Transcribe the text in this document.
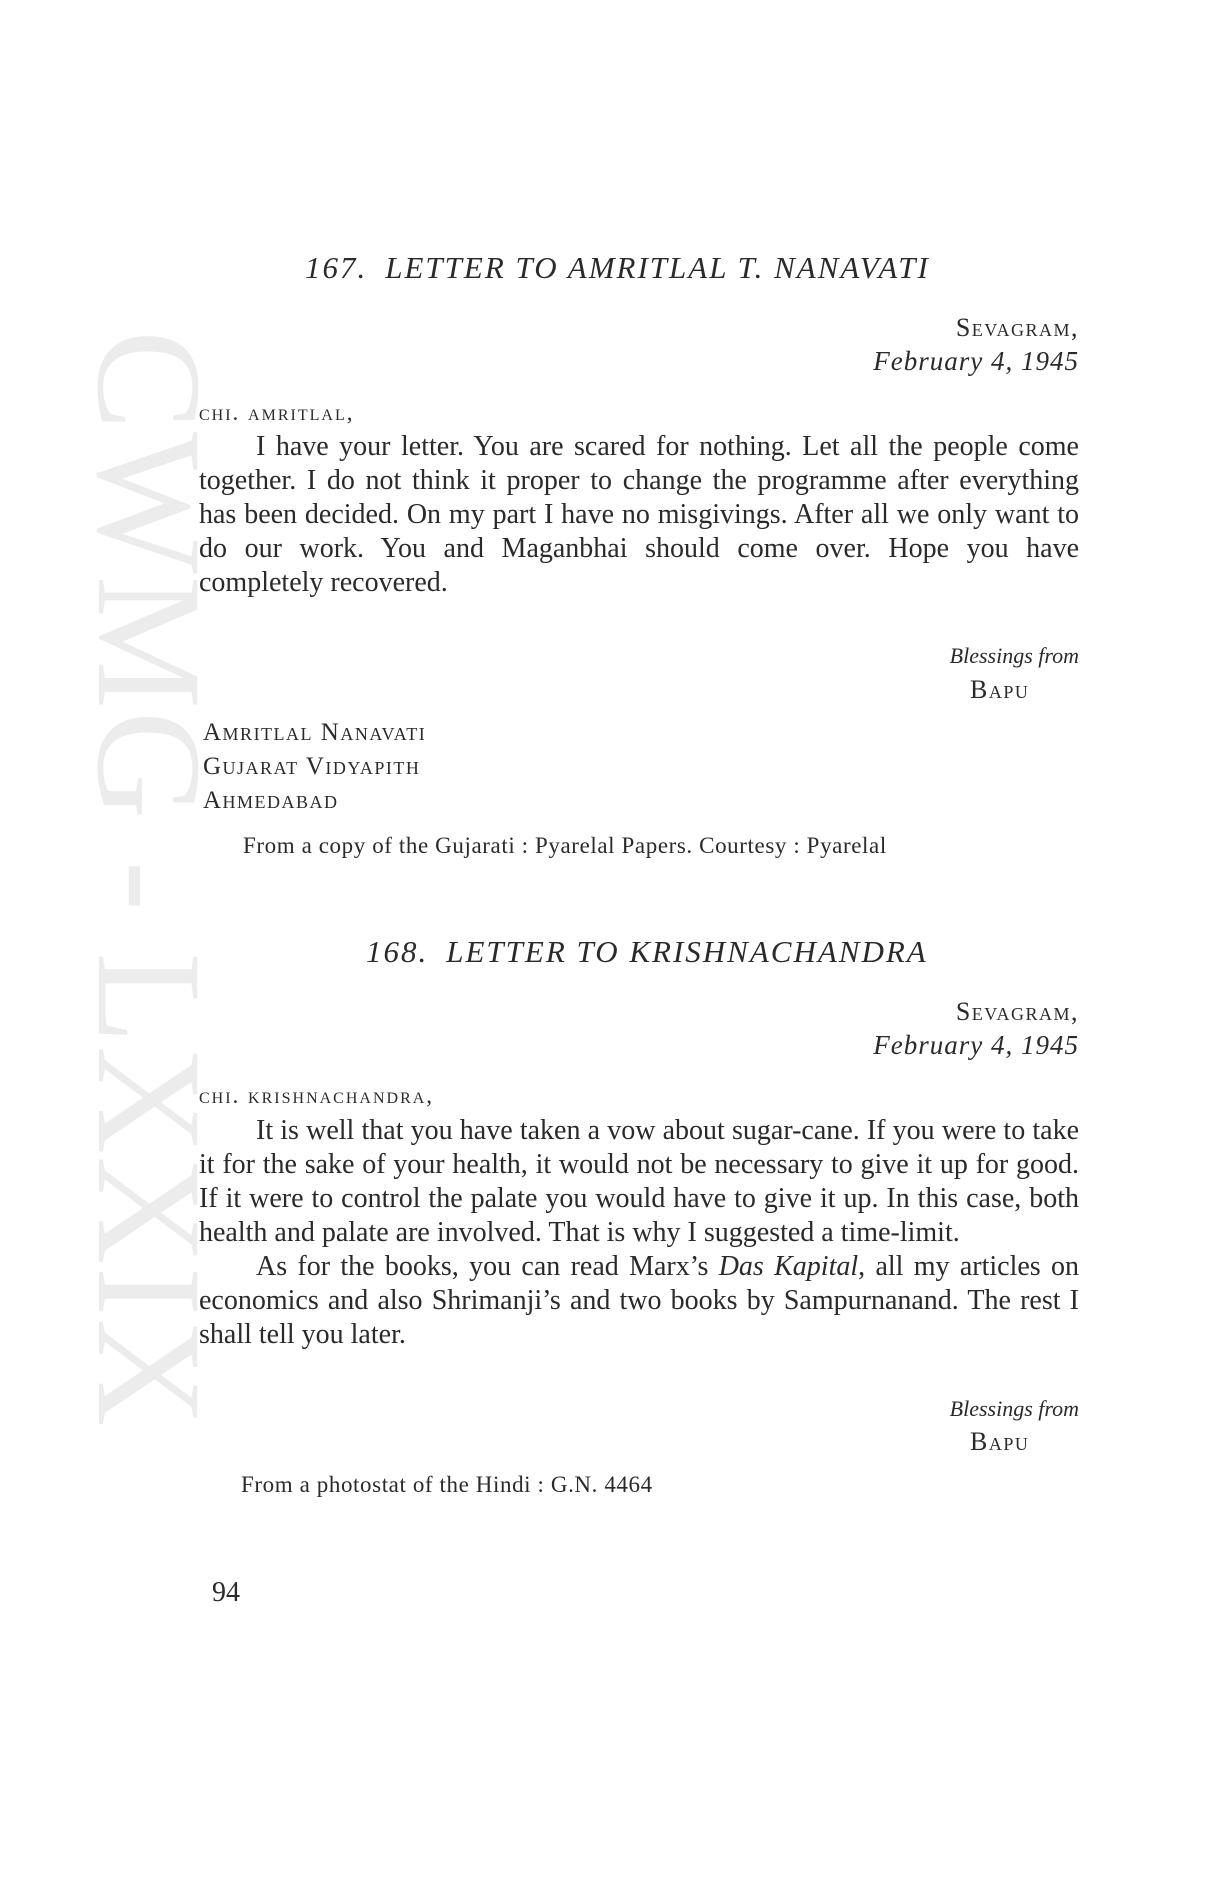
CWMG - LXXIX
167. LETTER TO AMRITLAL T. NANAVATI
Sevagram,
February 4, 1945
chi. amritlal,

I have your letter. You are scared for nothing. Let all the people come together. I do not think it proper to change the programme after everything has been decided. On my part I have no misgivings. After all we only want to do our work. You and Maganbhai should come over. Hope you have completely recovered.

Blessings from
Bapu
Amritlal Nanavati
Gujarat Vidyapith
Ahmedabad
From a copy of the Gujarati : Pyarelal Papers. Courtesy : Pyarelal
168. LETTER TO KRISHNACHANDRA
Sevagram,
February 4, 1945
chi. krishnachandra,

It is well that you have taken a vow about sugar-cane. If you were to take it for the sake of your health, it would not be necessary to give it up for good. If it were to control the palate you would have to give it up. In this case, both health and palate are involved. That is why I suggested a time-limit.

As for the books, you can read Marx’s Das Kapital, all my articles on economics and also Shrimanji’s and two books by Sampurnanand. The rest I shall tell you later.

Blessings from
Bapu
From a photostat of the Hindi : G.N. 4464
94
